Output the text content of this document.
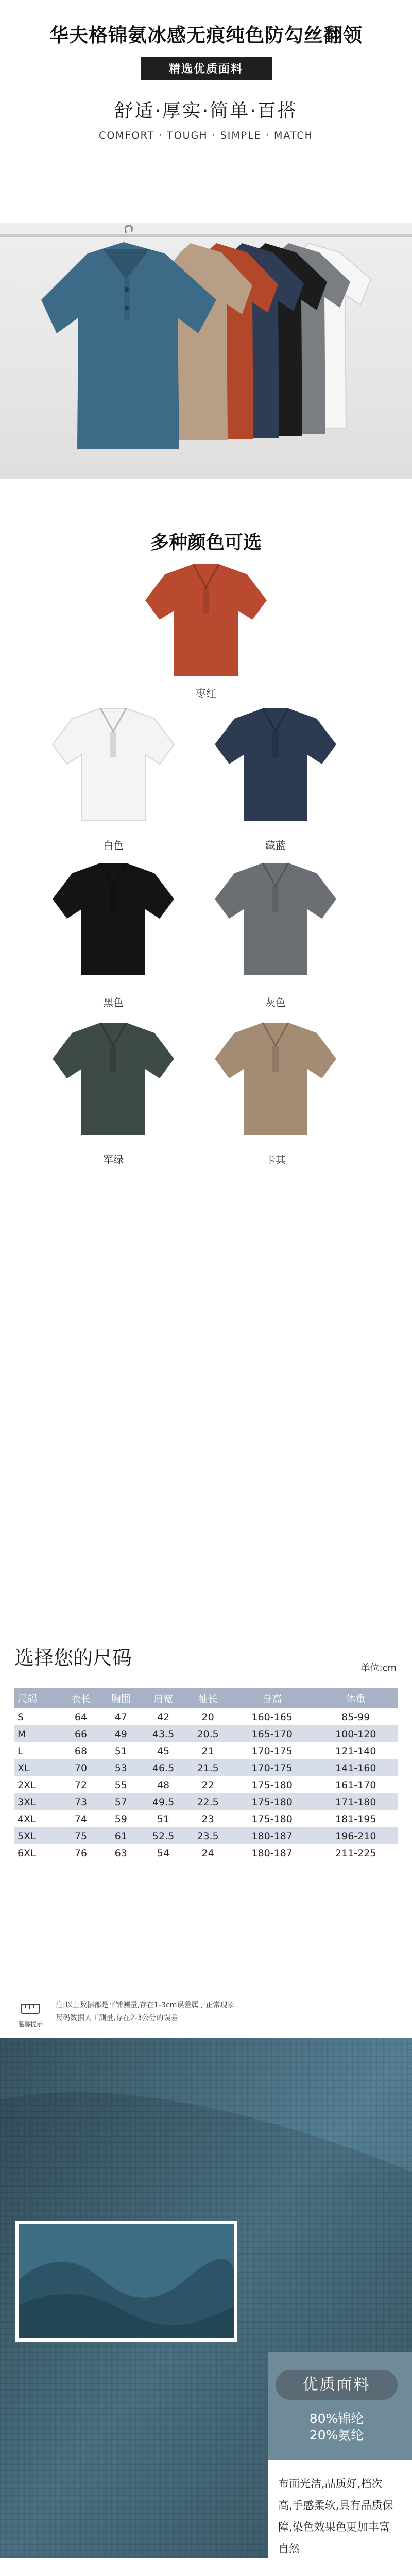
华夫格锦氨冰感无痕纯色防勾丝翻领
精选优质面料
舒适·厚实·简单·百搭
COMFORT · TOUGH · SIMPLE · MATCH
多种颜色可选
枣红
白色	藏蓝
黑色	灰色
军绿	卡其
选择您的尺码	单位:cm
尺码	衣长	胸围	肩宽	袖长	身高	体重
S	64	47	42	20	160-165	85-99
M	66	49	43.5	20.5	165-170	100-120
L	68	51	45	21	170-175	121-140
XL	70	53	46.5	21.5	170-175	141-160
2XL	72	55	48	22	175-180	161-170
3XL	73	57	49.5	22.5	175-180	171-180
4XL	74	59	51	23	175-180	181-195
5XL	75	61	52.5	23.5	180-187	196-210
6XL	76	63	54	24	180-187	211-225
温馨提示
注:以上数据都是平铺测量,存在1-3cm误差属于正常现象
尺码数据人工测量,存在2-3公分的误差
优质面料
80%锦纶
20%氨纶
布面光洁,品质好,档次高,手感柔软,具有品质保障,染色效果色更加丰富自然
